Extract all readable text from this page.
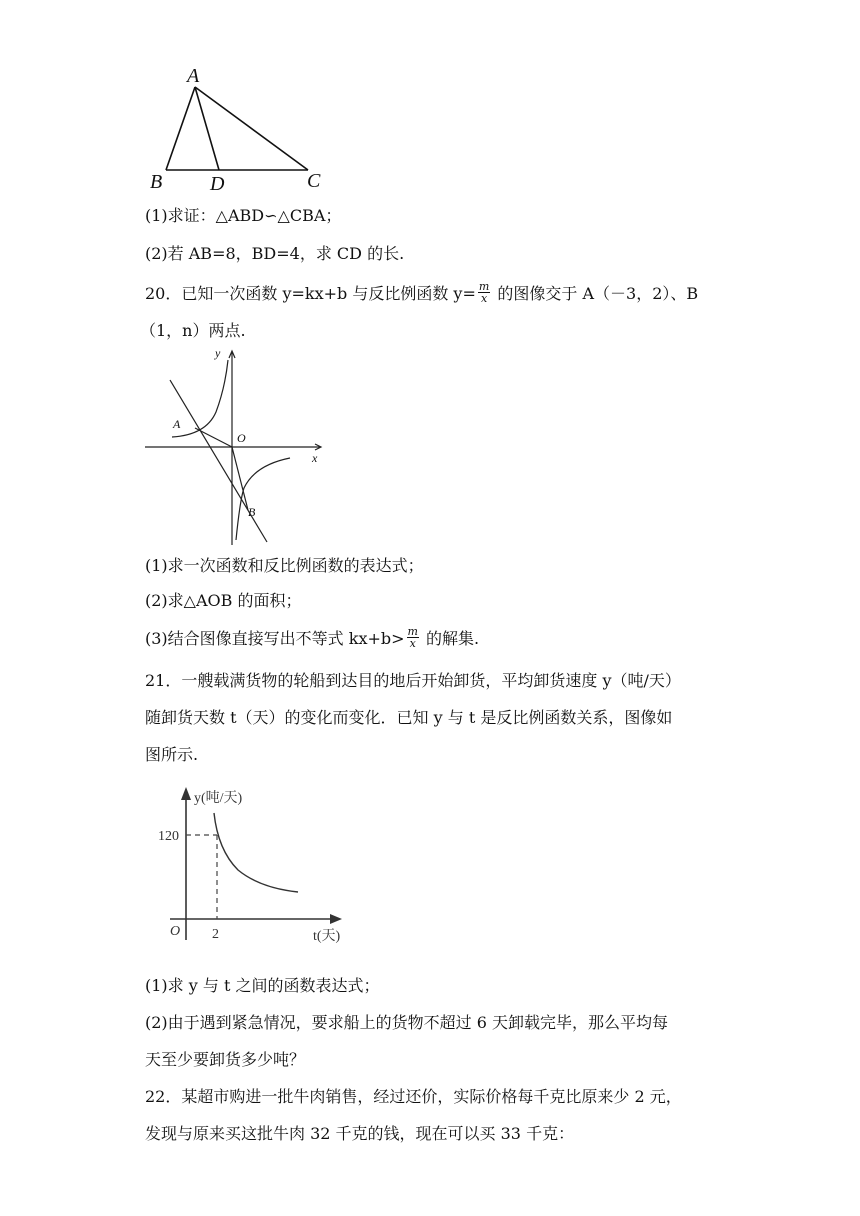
A
B D	C
(1)求证：△ABD∽△CBA；
(2)若 AB=8，BD=4，求 CD 的长.
20．已知一次函数 y=kx+b 与反比例函数 $y= \frac{m}{x}$ 的图像交于 A（－3，2）、B
（1，n）两点.
y
x
O
A
B
(1)求一次函数和反比例函数的表达式；
(2)求△AOB 的面积；
(3)结合图像直接写出不等式 $kx+b> \frac{m}{x}$ 的解集.
21．一艘载满货物的轮船到达目的地后开始卸货，平均卸货速度 y（吨/天）
随卸货天数 t（天）的变化而变化．已知 y 与 t 是反比例函数关系，图像如
图所示.
y(吨/天)
120
2
O	t(天)
(1)求 y 与 t 之间的函数表达式；
(2)由于遇到紧急情况，要求船上的货物不超过 6 天卸载完毕，那么平均每
天至少要卸货多少吨？
22．某超市购进一批牛肉销售，经过还价，实际价格每千克比原来少 2 元，
发现与原来买这批牛肉 32 千克的钱，现在可以买 33 千克：
